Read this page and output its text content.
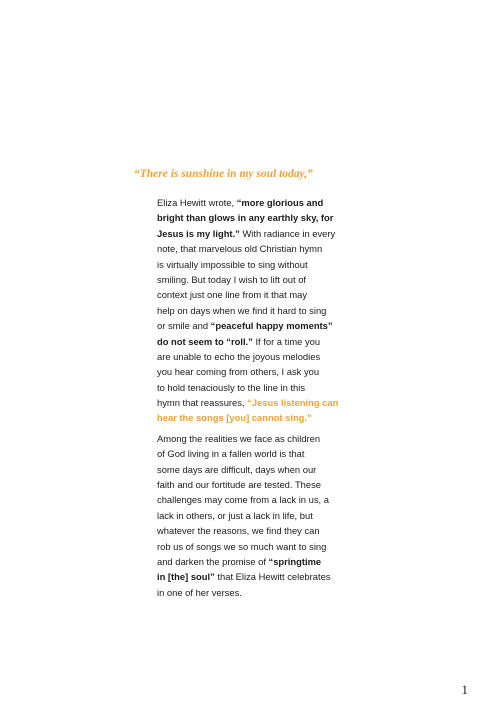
“There is sunshine in my soul today,”

Eliza Hewitt wrote, “more glorious and
bright than glows in any earthly sky, for
Jesus is my light.” With radiance in every
note, that marvelous old Christian hymn
is virtually impossible to sing without
smiling. But today I wish to lift out of
context just one line from it that may
help on days when we find it hard to sing
or smile and “peaceful happy moments”
do not seem to “roll.” If for a time you
are unable to echo the joyous melodies
you hear coming from others, I ask you
to hold tenaciously to the line in this
hymn that reassures, “Jesus listening can
hear the songs [you] cannot sing.”

Among the realities we face as children
of God living in a fallen world is that
some days are difficult, days when our
faith and our fortitude are tested. These
challenges may come from a lack in us, a
lack in others, or just a lack in life, but
whatever the reasons, we find they can
rob us of songs we so much want to sing
and darken the promise of “springtime
in [the] soul” that Eliza Hewitt celebrates
in one of her verses.

1
